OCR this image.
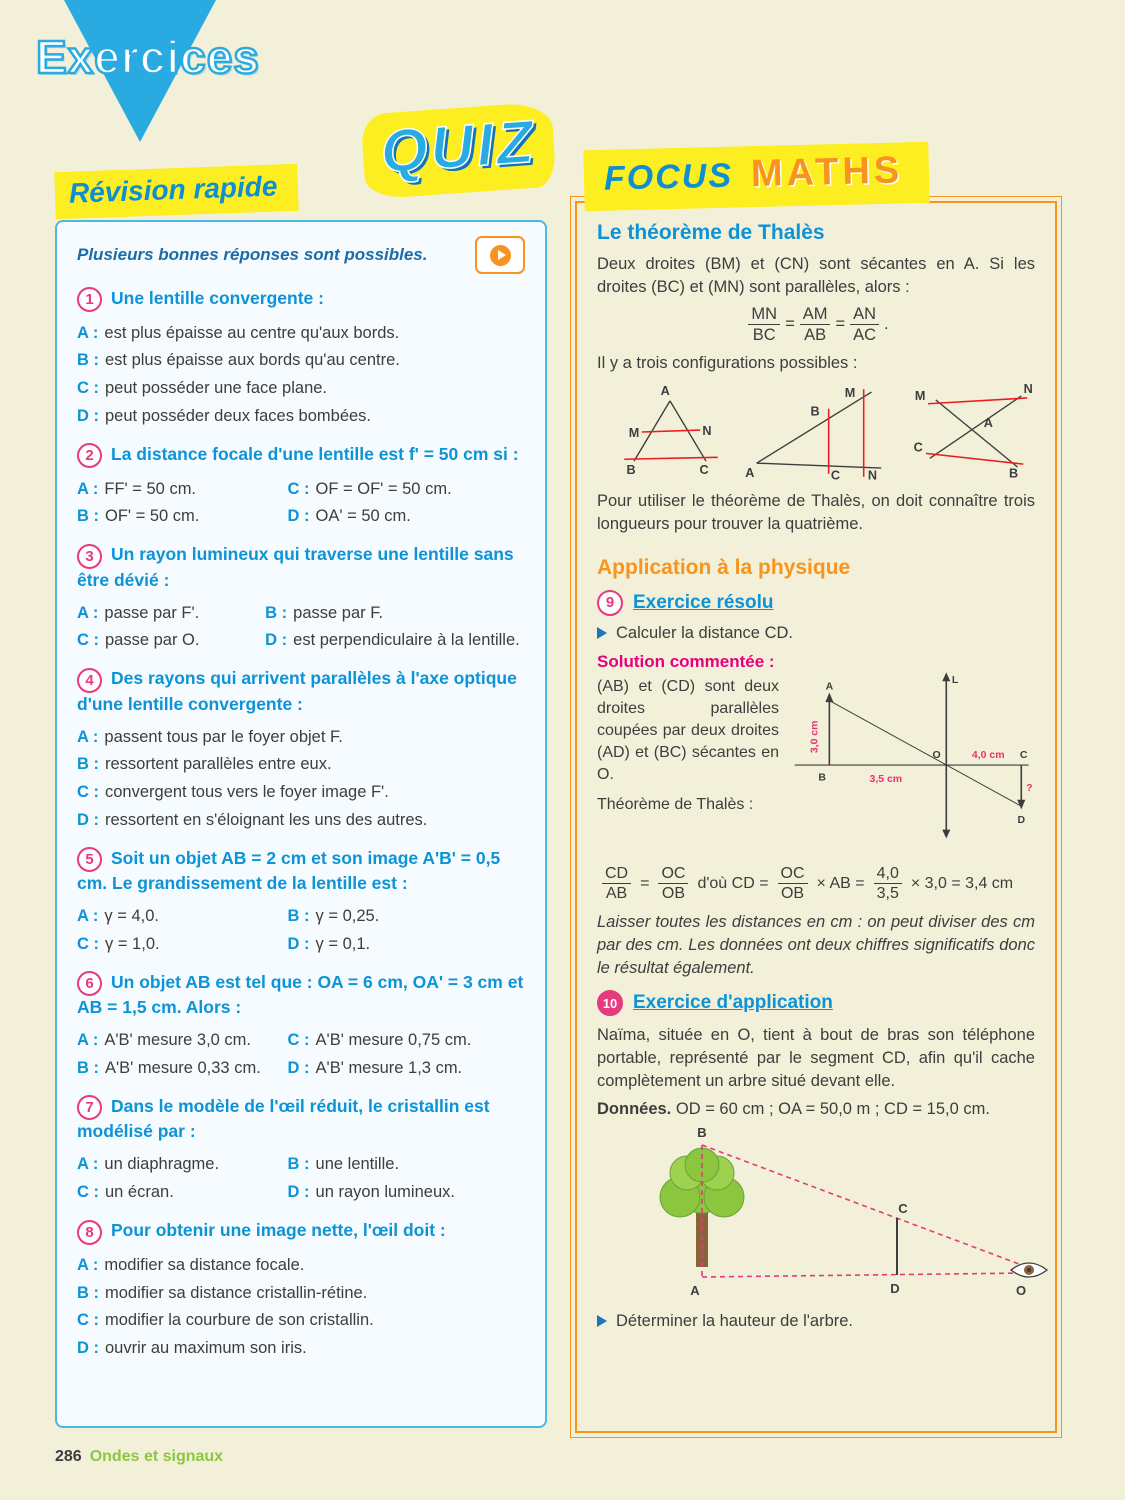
Exercices
Révision rapide
QUIZ

Plusieurs bonnes réponses sont possibles.

1 Une lentille convergente :
A : est plus épaisse au centre qu'aux bords.
B : est plus épaisse aux bords qu'au centre.
C : peut posséder une face plane.
D : peut posséder deux faces bombées.
2 La distance focale d'une lentille est f' = 50 cm si :
A : FF' = 50 cm.	C : OF = OF' = 50 cm.
B : OF' = 50 cm.	D : OA' = 50 cm.
3 Un rayon lumineux qui traverse une lentille sans être dévié :
A : passe par F'.	B : passe par F.
C : passe par O.	D : est perpendiculaire à la lentille.
4 Des rayons qui arrivent parallèles à l'axe optique d'une lentille convergente :
A : passent tous par le foyer objet F.
B : ressortent parallèles entre eux.
C : convergent tous vers le foyer image F'.
D : ressortent en s'éloignant les uns des autres.
5 Soit un objet AB = 2 cm et son image A'B' = 0,5 cm. Le grandissement de la lentille est :
A : γ = 4,0.	B : γ = 0,25.
C : γ = 1,0.	D : γ = 0,1.
6 Un objet AB est tel que : OA = 6 cm, OA' = 3 cm et AB = 1,5 cm. Alors :
A : A'B' mesure 3,0 cm.	C : A'B' mesure 0,75 cm.
B : A'B' mesure 0,33 cm.	D : A'B' mesure 1,3 cm.
7 Dans le modèle de l'œil réduit, le cristallin est modélisé par :
A : un diaphragme.	B : une lentille.
C : un écran.	D : un rayon lumineux.
8 Pour obtenir une image nette, l'œil doit :
A : modifier sa distance focale.
B : modifier sa distance cristallin-rétine.
C : modifier la courbure de son cristallin.
D : ouvrir au maximum son iris.
FOCUS MATHS
Le théorème de Thalès

Deux droites (BM) et (CN) sont sécantes en A. Si les droites (BC) et (MN) sont parallèles, alors :

$\frac{MN}{BC} = \frac{AM}{AB} = \frac{AN}{AC}$ .

Il y a trois configurations possibles :

A
M	N
B	C
M
B
A	C N
M	N
A
C
B

Pour utiliser le théorème de Thalès, on doit connaître trois longueurs pour trouver la quatrième.

Application à la physique
9 Exercice résolu
Calculer la distance CD.

Solution commentée :

(AB) et (CD) sont deux droites parallèles coupées par deux droites (AD) et (BC) sécantes en O.

Théorème de Thalès :

L
A
B
O	C
D
3,0 cm
3,5 cm
4,0 cm
?
$\frac{CD}{AB} = \frac{OC}{OB}$ d'où CD = $\frac{OC}{OB}$ × AB = $\frac{4,0}{3,5} \times 3,0 = 3,4$ cm

Laisser toutes les distances en cm : on peut diviser des cm par des cm. Les données ont deux chiffres significatifs donc le résultat également.

10 Exercice d'application

Naïma, située en O, tient à bout de bras son téléphone portable, représenté par le segment CD, afin qu'il cache complètement un arbre situé devant elle.

Données. OD = 60 cm ; OA = 50,0 m ; CD = 15,0 cm.

B
A
C
D	O
Déterminer la hauteur de l'arbre.
286 Ondes et signaux
